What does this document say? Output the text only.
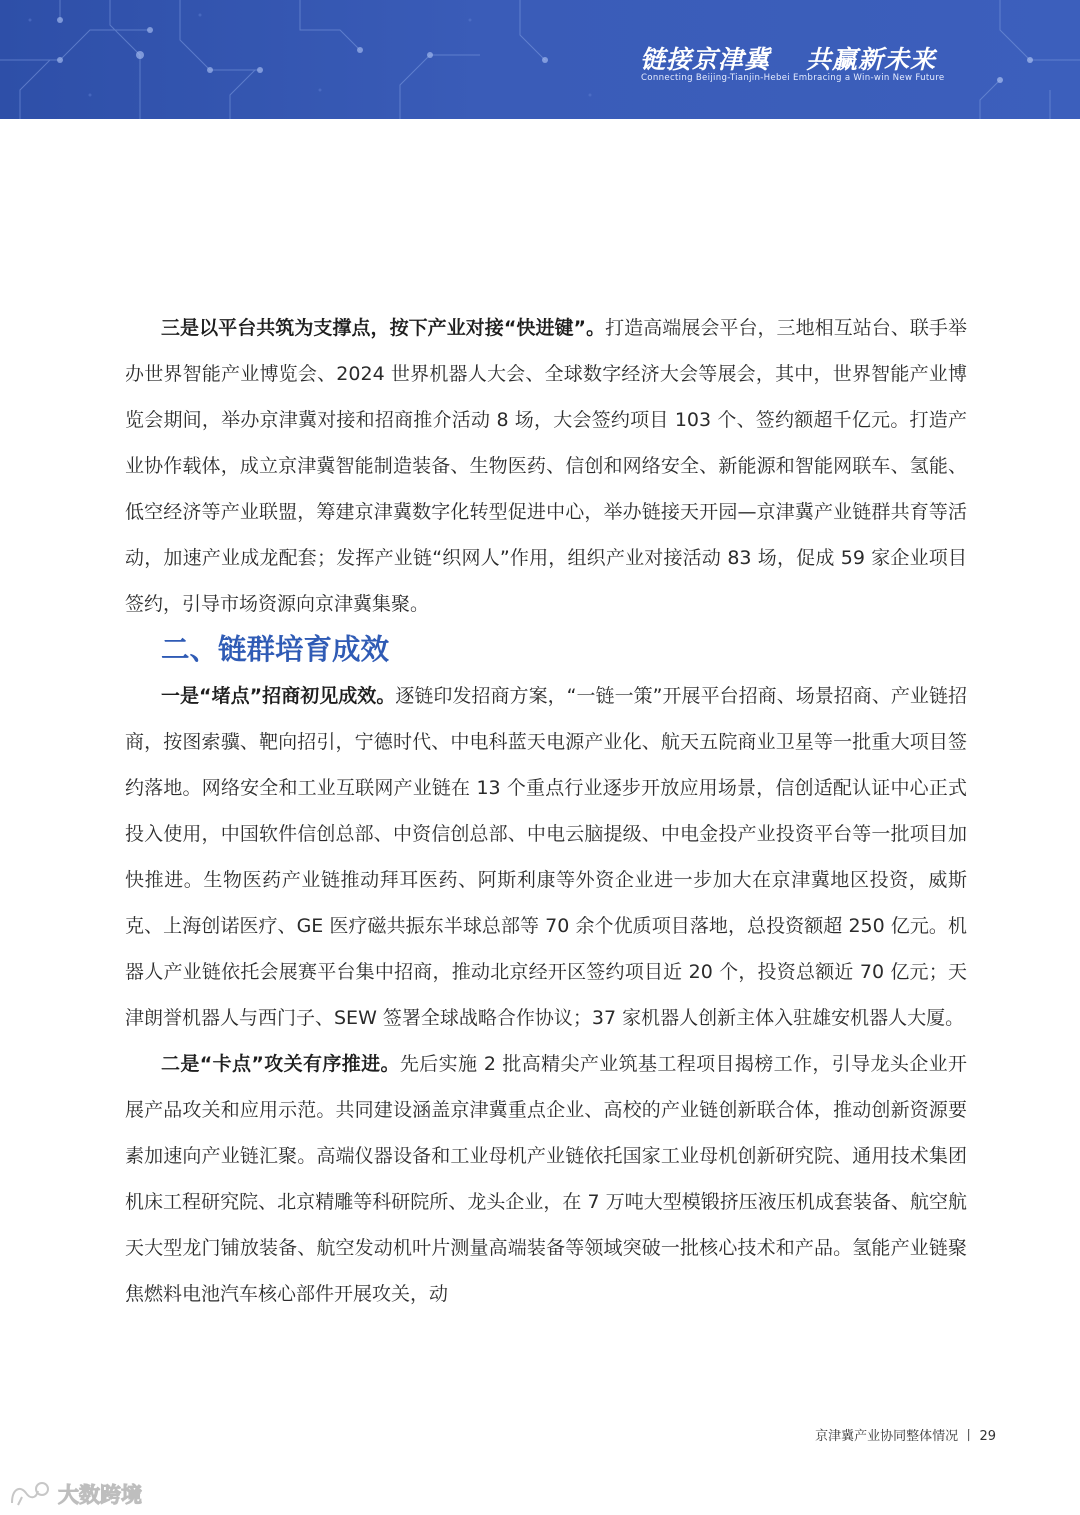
链接京津冀 共赢新未来
Connecting Beijing-Tianjin-Hebei Embracing a Win-win New Future

三是以平台共筑为支撑点，按下产业对接“快进键”。打造高端展会平台，三地相互站台、联手举办世界智能产业博览会、2024 世界机器人大会、全球数字经济大会等展会，其中，世界智能产业博览会期间，举办京津冀对接和招商推介活动 8 场，大会签约项目 103 个、签约额超千亿元。打造产业协作载体，成立京津冀智能制造装备、生物医药、信创和网络安全、新能源和智能网联车、氢能、低空经济等产业联盟，筹建京津冀数字化转型促进中心，举办链接天开园—京津冀产业链群共育等活动，加速产业成龙配套；发挥产业链“织网人”作用，组织产业对接活动 83 场，促成 59 家企业项目签约，引导市场资源向京津冀集聚。

二、链群培育成效

一是“堵点”招商初见成效。逐链印发招商方案，“一链一策”开展平台招商、场景招商、产业链招商，按图索骥、靶向招引，宁德时代、中电科蓝天电源产业化、航天五院商业卫星等一批重大项目签约落地。网络安全和工业互联网产业链在 13 个重点行业逐步开放应用场景，信创适配认证中心正式投入使用，中国软件信创总部、中资信创总部、中电云脑提级、中电金投产业投资平台等一批项目加快推进。生物医药产业链推动拜耳医药、阿斯利康等外资企业进一步加大在京津冀地区投资，威斯克、上海创诺医疗、GE 医疗磁共振东半球总部等 70 余个优质项目落地，总投资额超 250 亿元。机器人产业链依托会展赛平台集中招商，推动北京经开区签约项目近 20 个，投资总额近 70 亿元；天津朗誉机器人与西门子、SEW 签署全球战略合作协议；37 家机器人创新主体入驻雄安机器人大厦。

二是“卡点”攻关有序推进。先后实施 2 批高精尖产业筑基工程项目揭榜工作，引导龙头企业开展产品攻关和应用示范。共同建设涵盖京津冀重点企业、高校的产业链创新联合体，推动创新资源要素加速向产业链汇聚。高端仪器设备和工业母机产业链依托国家工业母机创新研究院、通用技术集团机床工程研究院、北京精雕等科研院所、龙头企业，在 7 万吨大型模锻挤压液压机成套装备、航空航天大型龙门铺放装备、航空发动机叶片测量高端装备等领域突破一批核心技术和产品。氢能产业链聚焦燃料电池汽车核心部件开展攻关，动

京津冀产业协同整体情况 丨 29
大数跨境
